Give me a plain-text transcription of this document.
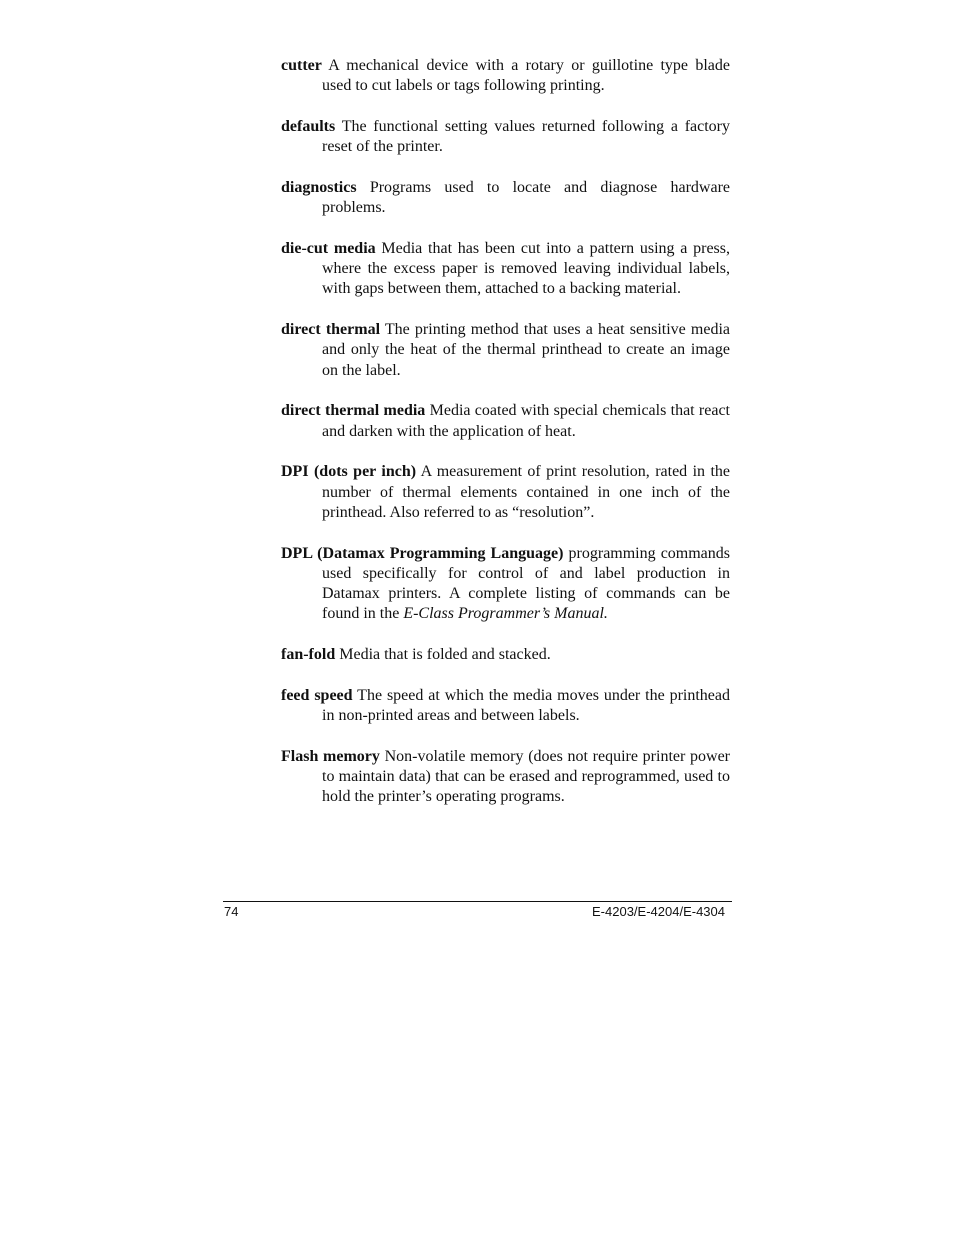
cutter A mechanical device with a rotary or guillotine type blade used to cut labels or tags following printing.
defaults The functional setting values returned following a factory reset of the printer.
diagnostics Programs used to locate and diagnose hardware problems.
die-cut media Media that has been cut into a pattern using a press, where the excess paper is removed leaving individual labels, with gaps between them, attached to a backing material.
direct thermal The printing method that uses a heat sensitive media and only the heat of the thermal printhead to create an image on the label.
direct thermal media Media coated with special chemicals that react and darken with the application of heat.
DPI (dots per inch) A measurement of print resolution, rated in the number of thermal elements contained in one inch of the printhead. Also referred to as “resolution”.
DPL (Datamax Programming Language) programming commands used specifically for control of and label production in Datamax printers. A complete listing of commands can be found in the E-Class Programmer’s Manual.
fan-fold Media that is folded and stacked.
feed speed The speed at which the media moves under the printhead in non-printed areas and between labels.
Flash memory Non-volatile memory (does not require printer power to maintain data) that can be erased and reprogrammed, used to hold the printer’s operating programs.
74	E-4203/E-4204/E-4304
